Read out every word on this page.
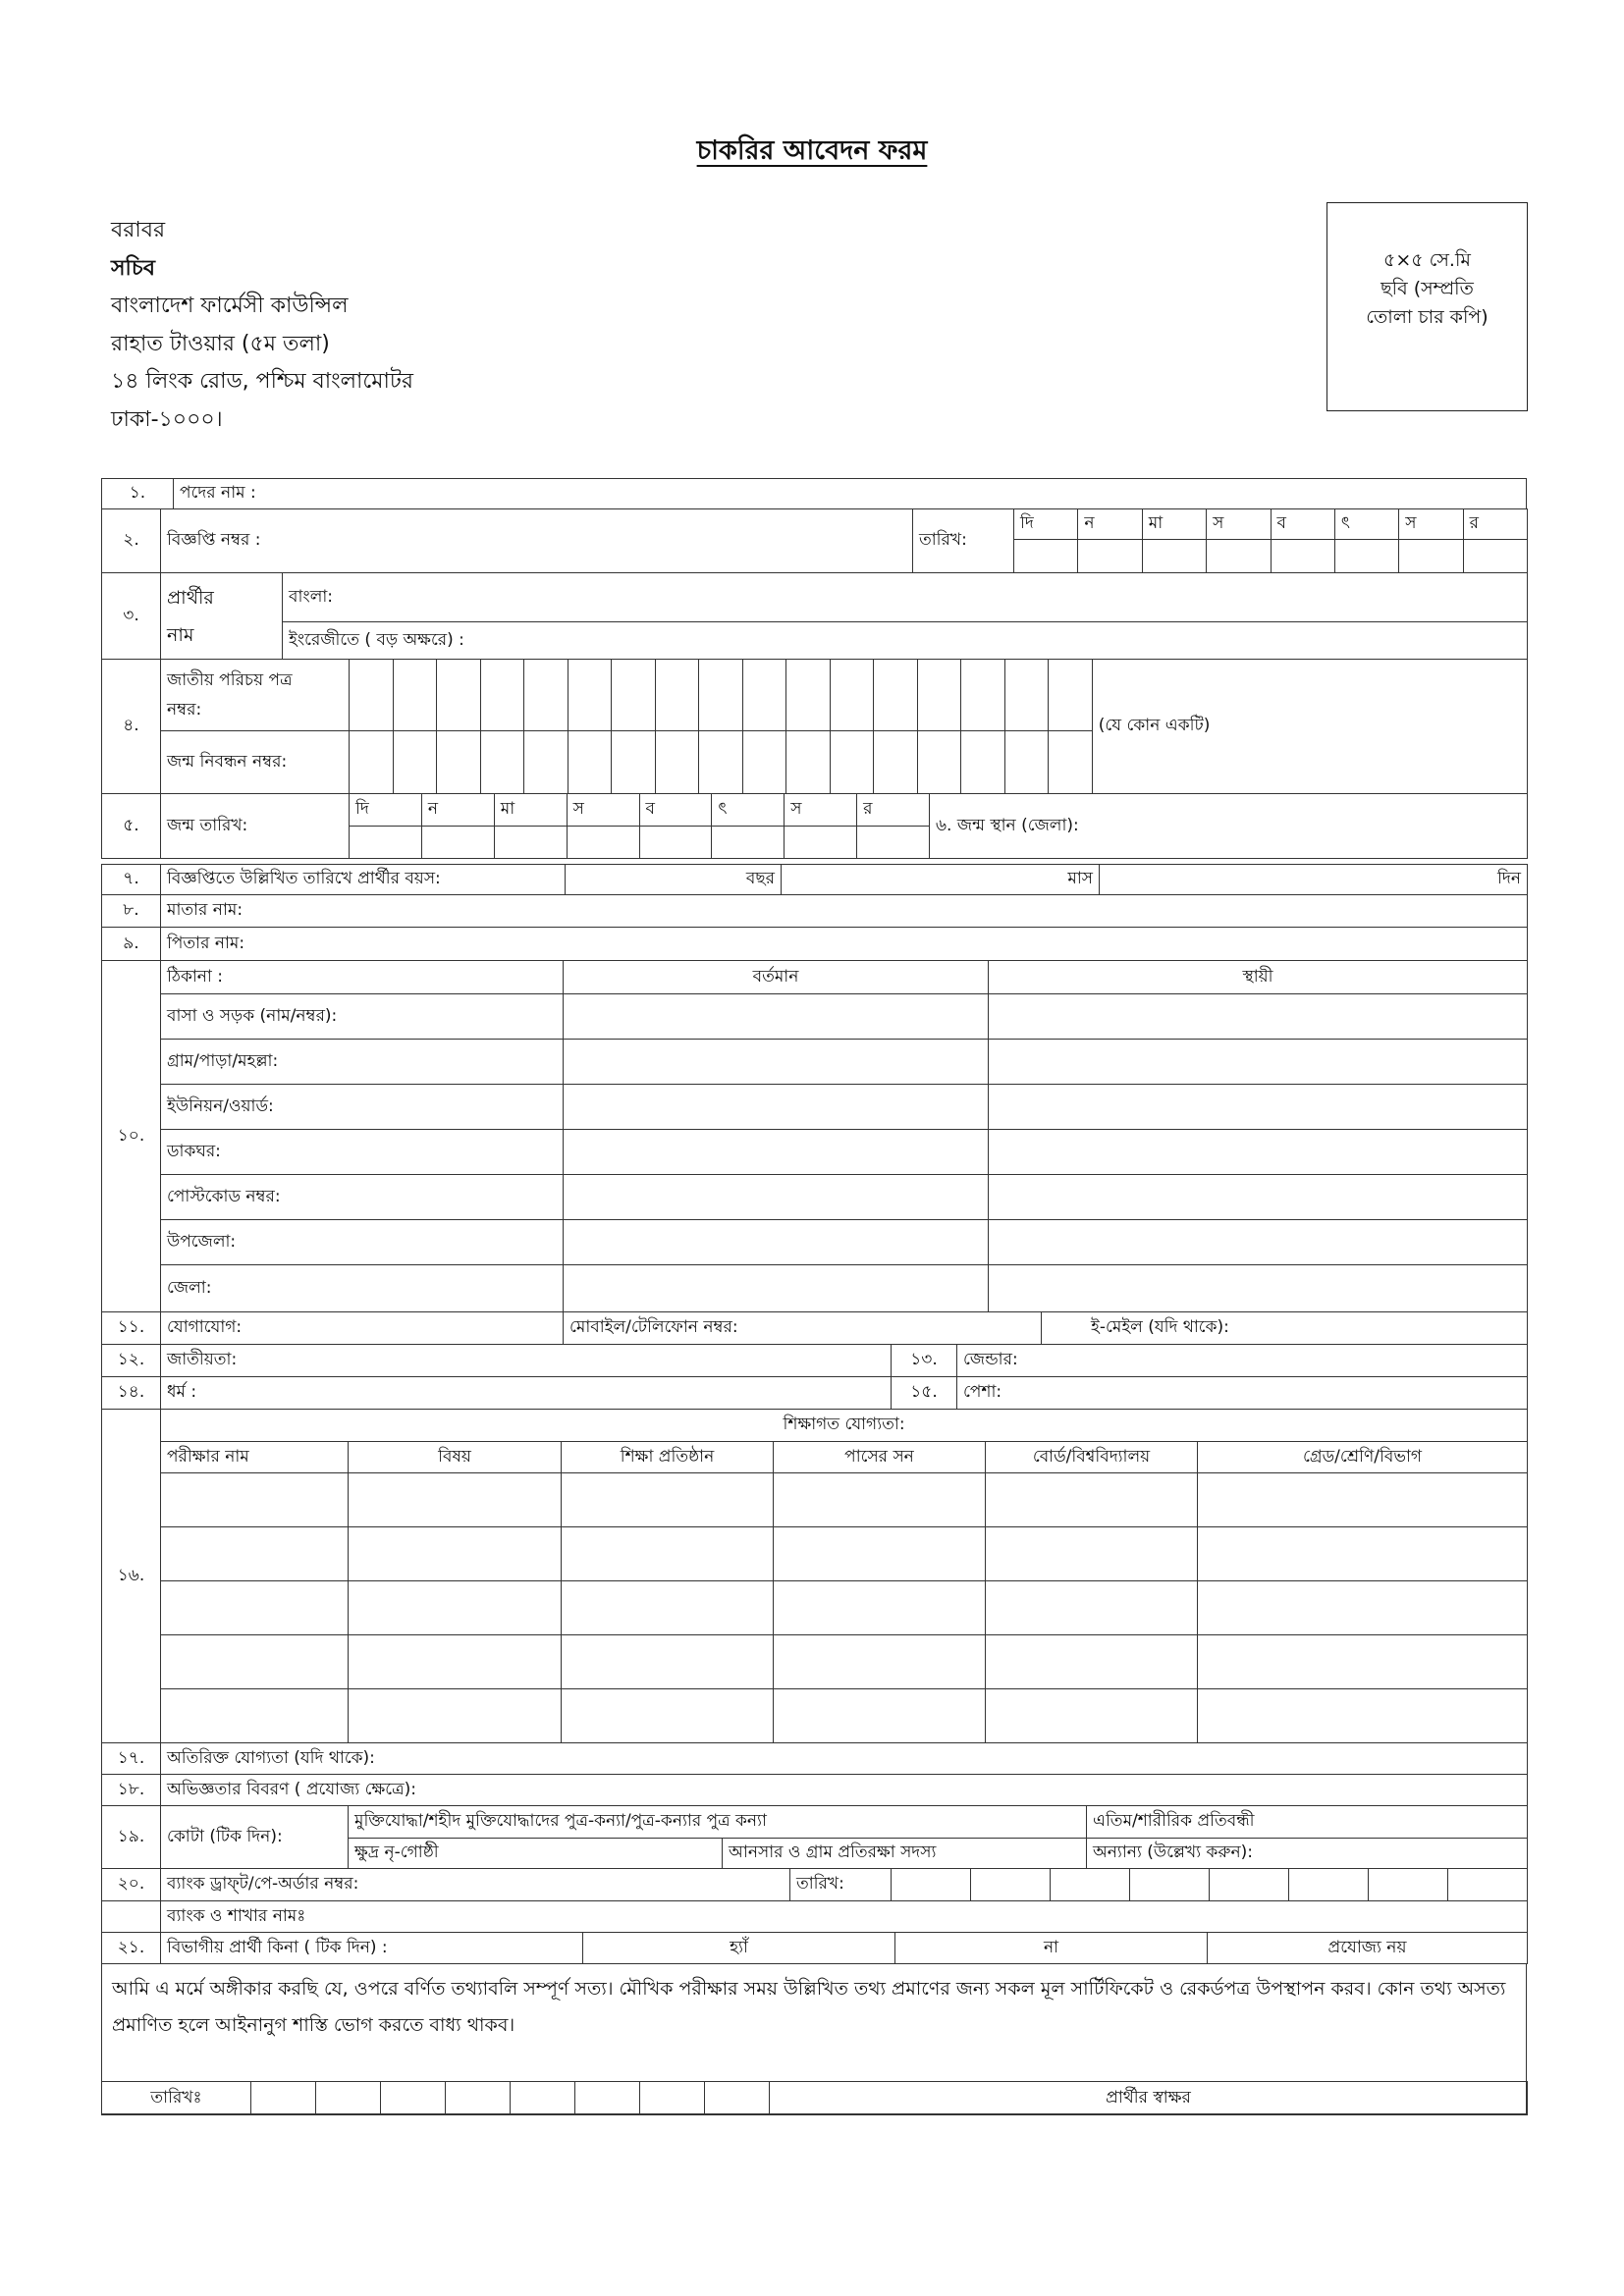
চাকরির আবেদন ফরম
বরাবর
সচিব
বাংলাদেশ ফার্মেসী কাউন্সিল
রাহাত টাওয়ার (৫ম তলা)
১৪ লিংক রোড, পশ্চিম বাংলামোটর
ঢাকা-১০০০।
৫×৫ সে.মি
ছবি (সম্প্রতি
তোলা চার কপি)
১.	পদের নাম :
২.	বিজ্ঞপ্তি নম্বর :	তারিখ:	দি	ন	মা	স	ব	ৎ	স	র

৩.	
প্রার্থীর
নাম
	বাংলা:
ইংরেজীতে ( বড় অক্ষরে) :
৪.	জাতীয় পরিচয় পত্র
নম্বর:																		(যে কোন একটি)
	জন্ম নিবন্ধন নম্বর:																		
৫.	জন্ম তারিখ:	দি	ন	মা	স	ব	ৎ	স	র	৬. জন্ম স্থান (জেলা):

৭.	বিজ্ঞপ্তিতে উল্লিখিত তারিখে প্রার্থীর বয়স:	বছর	মাস	দিন
৮.	মাতার নাম:
৯.	পিতার নাম:
১০.	ঠিকানা :	বর্তমান	স্থায়ী
	বাসা ও সড়ক (নাম/নম্বর):		
	গ্রাম/পাড়া/মহল্লা:		
	ইউনিয়ন/ওয়ার্ড:		
	ডাকঘর:		
	পোস্টকোড নম্বর:		
	উপজেলা:		
	জেলা:		
১১.	যোগাযোগ:	মোবাইল/টেলিফোন নম্বর:	ই-মেইল (যদি থাকে):
১২.	জাতীয়তা:	১৩.	জেন্ডার:
১৪.	ধর্ম :	১৫.	পেশা:
১৬.	শিক্ষাগত যোগ্যতা:					
	পরীক্ষার নাম	বিষয়	শিক্ষা প্রতিষ্ঠান	পাসের সন	বোর্ড/বিশ্ববিদ্যালয়	গ্রেড/শ্রেণি/বিভাগ

১৭.	অতিরিক্ত যোগ্যতা (যদি থাকে):
১৮.	অভিজ্ঞতার বিবরণ ( প্রযোজ্য ক্ষেত্রে):
১৯.	কোটা (টিক দিন):	মুক্তিযোদ্ধা/শহীদ মুক্তিযোদ্ধাদের পুত্র-কন্যা/পুত্র-কন্যার পুত্র কন্যা		এতিম/শারীরিক প্রতিবন্ধী
		ক্ষুদ্র নৃ-গোষ্ঠী	আনসার ও গ্রাম প্রতিরক্ষা সদস্য	অন্যান্য (উল্লেখ্য করুন):
২০.	ব্যাংক ড্রাফ্‌ট/পে-অর্ডার নম্বর:	তারিখ:								
	ব্যাংক ও শাখার নামঃ									
২১.	বিভাগীয় প্রার্থী কিনা ( টিক দিন) :	হ্যাঁ	না	প্রযোজ্য নয়
আমি এ মর্মে অঙ্গীকার করছি যে, ওপরে বর্ণিত তথ্যাবলি সম্পূর্ণ সত্য। মৌখিক পরীক্ষার সময় উল্লিখিত তথ্য প্রমাণের জন্য সকল মূল সার্টিফিকেট ও রেকর্ডপত্র উপস্থাপন করব। কোন তথ্য অসত্য প্রমাণিত হলে আইনানুগ শাস্তি ভোগ করতে বাধ্য থাকব।
তারিখঃ									প্রার্থীর স্বাক্ষর
